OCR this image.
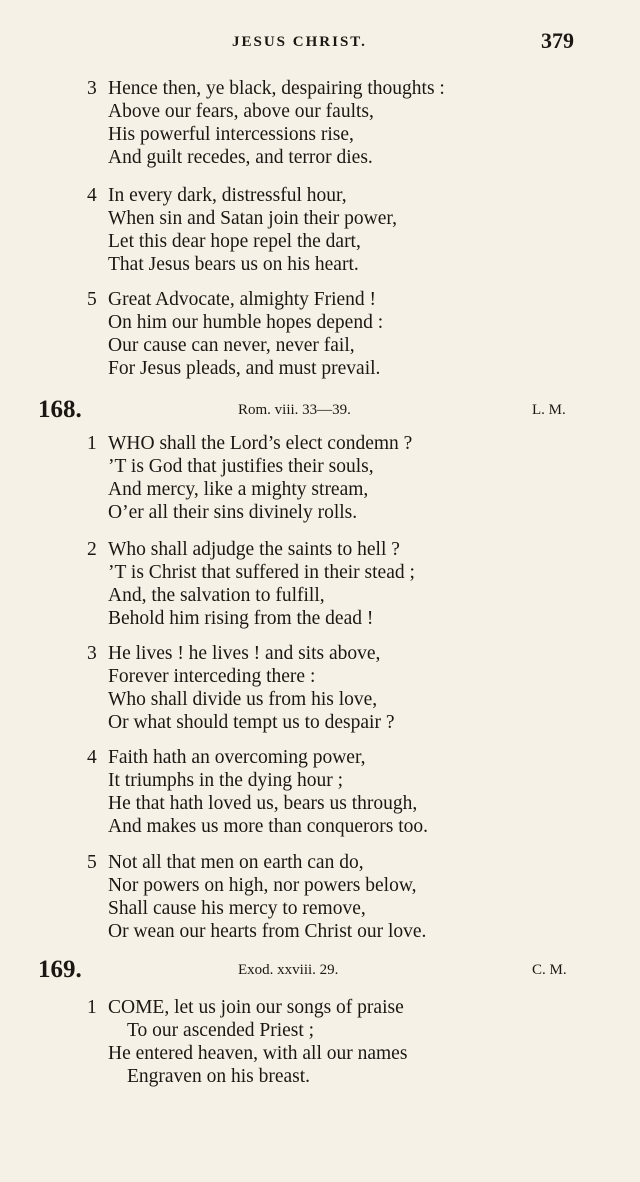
JESUS CHRIST.	379
3 Hence then, ye black, despairing thoughts :
Above our fears, above our faults,
His powerful intercessions rise,
And guilt recedes, and terror dies.
4 In every dark, distressful hour,
When sin and Satan join their power,
Let this dear hope repel the dart,
That Jesus bears us on his heart.
5 Great Advocate, almighty Friend !
On him our humble hopes depend :
Our cause can never, never fail,
For Jesus pleads, and must prevail.
168.	Rom. viii. 33—39.	L. M.
1 WHO shall the Lord’s elect condemn ?
’T is God that justifies their souls,
And mercy, like a mighty stream,
O’er all their sins divinely rolls.
2 Who shall adjudge the saints to hell ?
’T is Christ that suffered in their stead ;
And, the salvation to fulfill,
Behold him rising from the dead !
3 He lives ! he lives ! and sits above,
Forever interceding there :
Who shall divide us from his love,
Or what should tempt us to despair ?
4 Faith hath an overcoming power,
It triumphs in the dying hour ;
He that hath loved us, bears us through,
And makes us more than conquerors too.
5 Not all that men on earth can do,
Nor powers on high, nor powers below,
Shall cause his mercy to remove,
Or wean our hearts from Christ our love.
169.	Exod. xxviii. 29.	C. M.
1 COME, let us join our songs of praise
To our ascended Priest ;
He entered heaven, with all our names
Engraven on his breast.
